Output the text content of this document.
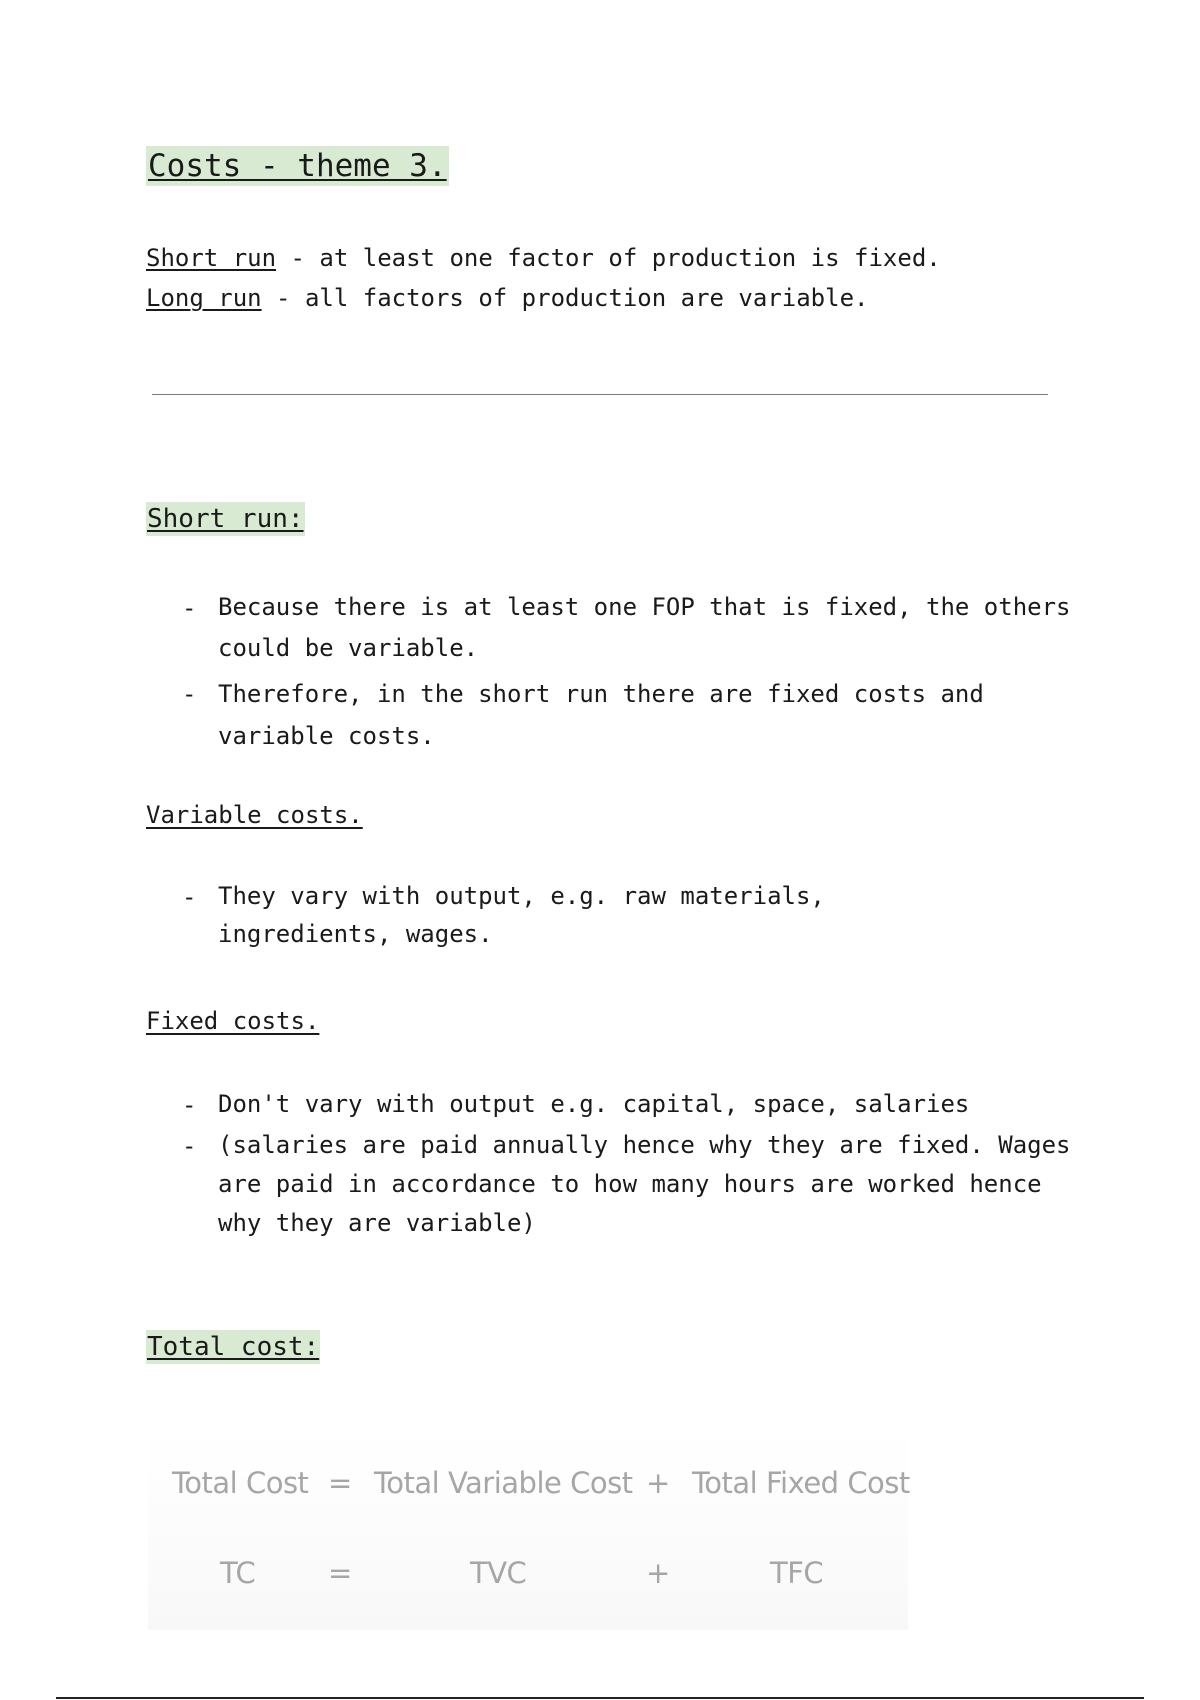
Costs - theme 3.
Short run - at least one factor of production is fixed.
Long run - all factors of production are variable.
Short run:
- Because there is at least one FOP that is fixed, the others could be variable.
- Therefore, in the short run there are fixed costs and variable costs.
Variable costs.
- They vary with output, e.g. raw materials, ingredients, wages.
Fixed costs.
- Don't vary with output e.g. capital, space, salaries
- (salaries are paid annually hence why they are fixed. Wages are paid in accordance to how many hours are worked hence why they are variable)
Total cost:
Total Cost = Total Variable Cost + Total Fixed Cost
TC	=	TVC	+	TFC
